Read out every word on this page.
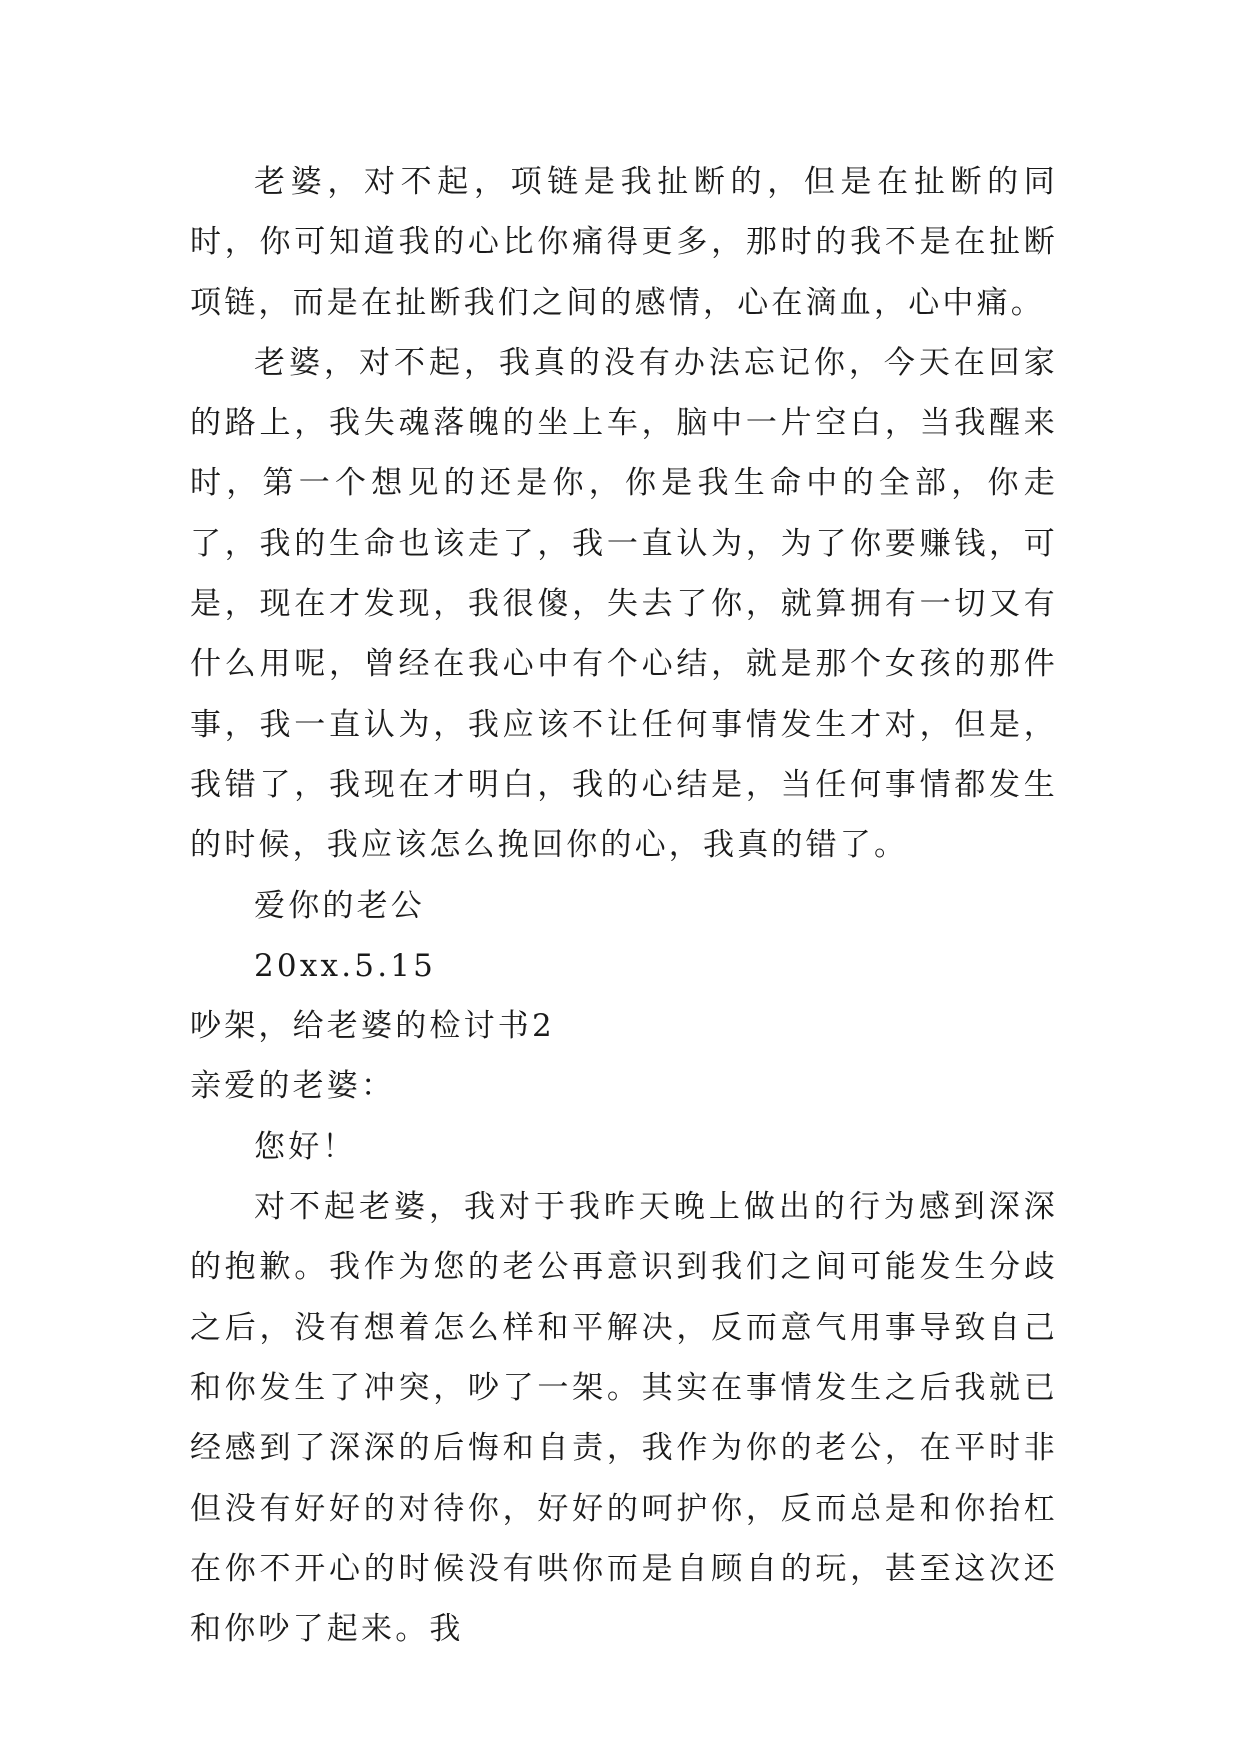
老婆，对不起，项链是我扯断的，但是在扯断的同时，你可知道我的心比你痛得更多，那时的我不是在扯断项链，而是在扯断我们之间的感情，心在滴血，心中痛。

老婆，对不起，我真的没有办法忘记你，今天在回家的路上，我失魂落魄的坐上车，脑中一片空白，当我醒来时，第一个想见的还是你，你是我生命中的全部，你走了，我的生命也该走了，我一直认为，为了你要赚钱，可是，现在才发现，我很傻，失去了你，就算拥有一切又有什么用呢，曾经在我心中有个心结，就是那个女孩的那件事，我一直认为，我应该不让任何事情发生才对，但是，我错了，我现在才明白，我的心结是，当任何事情都发生的时候，我应该怎么挽回你的心，我真的错了。

爱你的老公

20xx.5.15

吵架，给老婆的检讨书2

亲爱的老婆：

您好！

对不起老婆，我对于我昨天晚上做出的行为感到深深的抱歉。我作为您的老公再意识到我们之间可能发生分歧之后，没有想着怎么样和平解决，反而意气用事导致自己和你发生了冲突，吵了一架。其实在事情发生之后我就已经感到了深深的后悔和自责，我作为你的老公，在平时非但没有好好的对待你，好好的呵护你，反而总是和你抬杠在你不开心的时候没有哄你而是自顾自的玩，甚至这次还和你吵了起来。我
